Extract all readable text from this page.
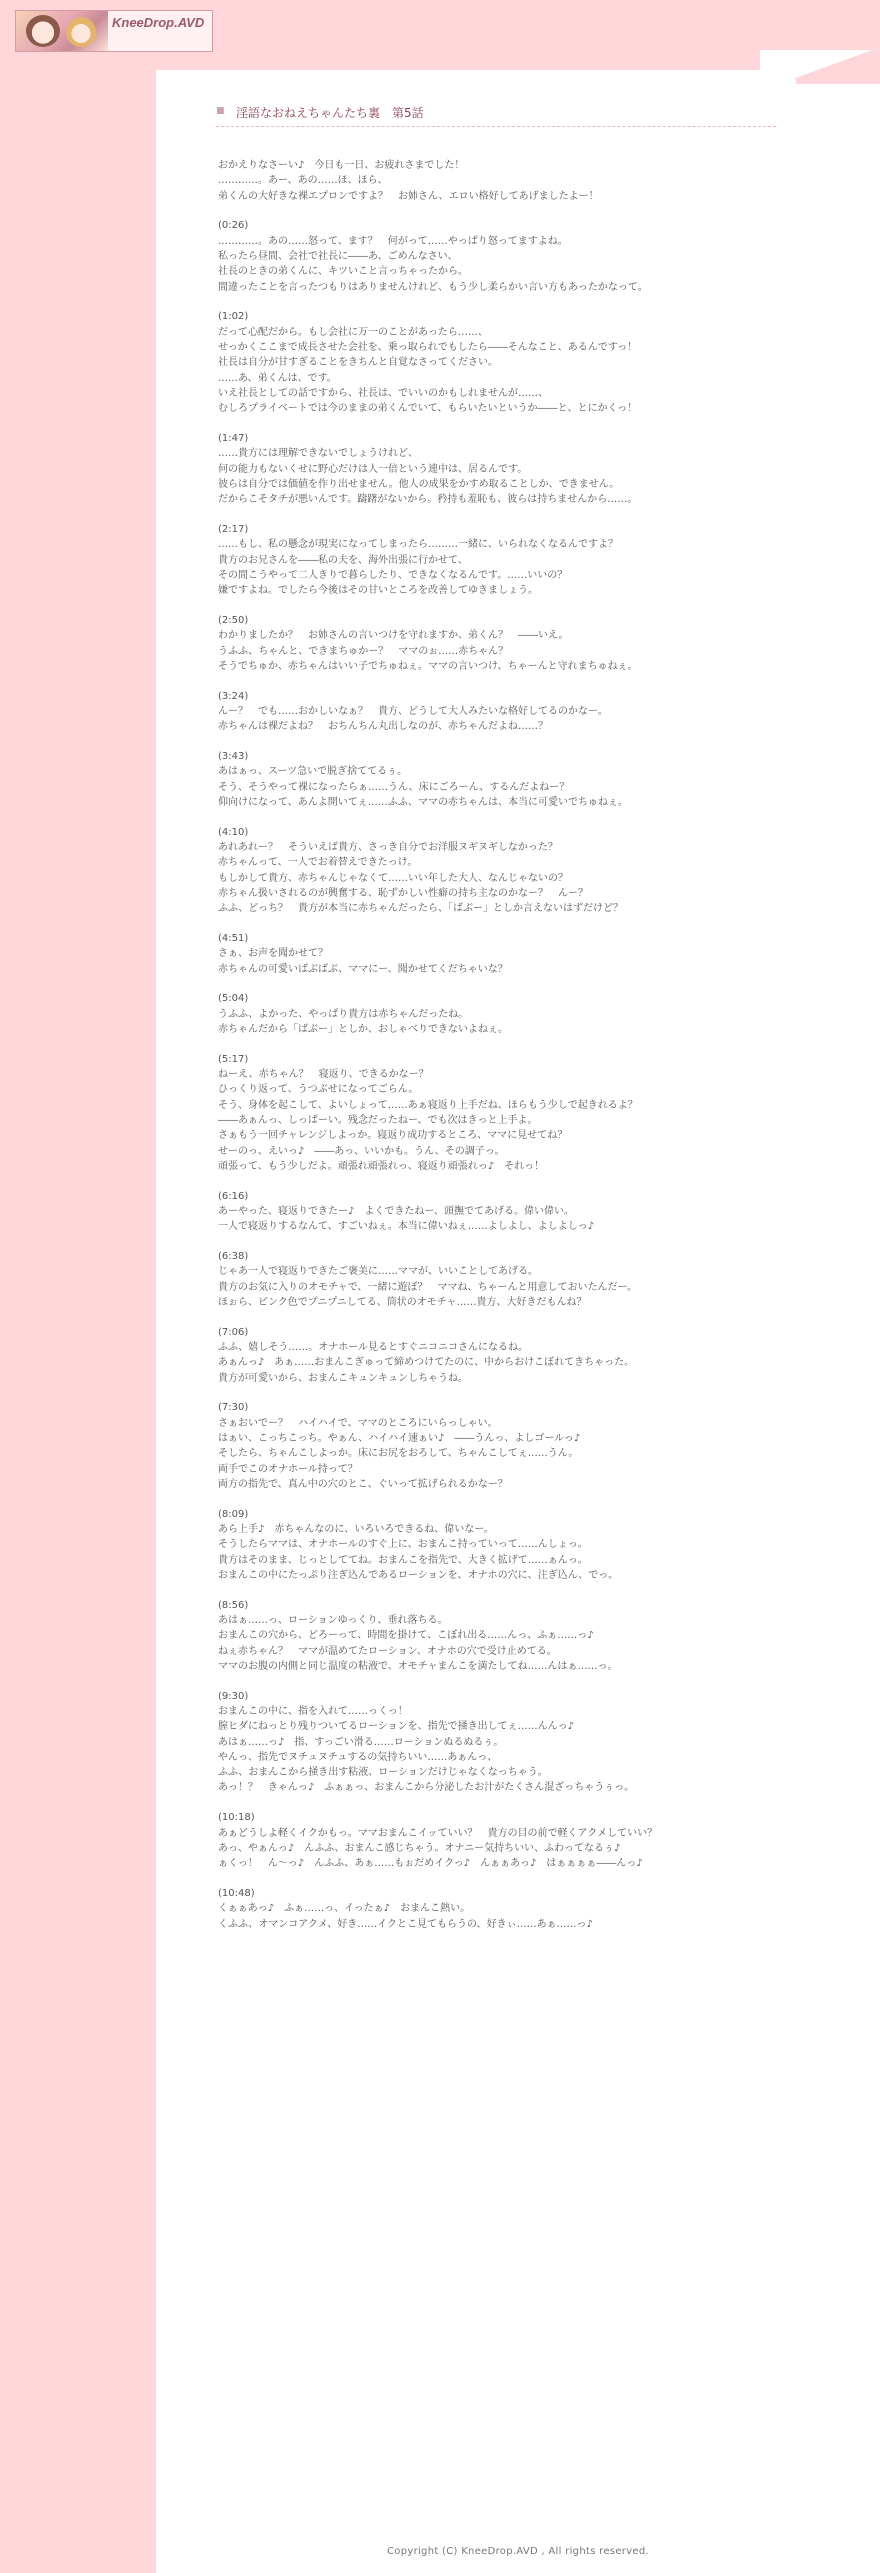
KneeDrop.AVD
■ 淫語なおねえちゃんたち裏　第5話
おかえりなさーい♪　今日も一日、お疲れさまでした！
…………。あー、あの……ほ、ほら、
弟くんの大好きな裸エプロンですよ？　お姉さん、エロい格好してあげましたよー！
(0:26)
…………。あの……怒って、ます？　何がって……やっぱり怒ってますよね。
私ったら昼間、会社で社長に――あ、ごめんなさい、
社長のときの弟くんに、キツいこと言っちゃったから。
間違ったことを言ったつもりはありませんけれど、もう少し柔らかい言い方もあったかなって。
(1:02)
だって心配だから。もし会社に万一のことがあったら……、
せっかくここまで成長させた会社を、乗っ取られでもしたら――そんなこと、あるんですっ！
社長は自分が甘すぎることをきちんと自覚なさってください。
……あ、弟くんは、です。
いえ社長としての話ですから、社長は、でいいのかもしれませんが……、
むしろプライベートでは今のままの弟くんでいて、もらいたいというか――と、とにかくっ！
(1:47)
……貴方には理解できないでしょうけれど、
何の能力もないくせに野心だけは人一倍という連中は、居るんです。
彼らは自分では価値を作り出せません。他人の成果をかすめ取ることしか、できません。
だからこそタチが悪いんです。躊躇がないから。矜持も羞恥も、彼らは持ちませんから……。
(2:17)
……もし、私の懸念が現実になってしまったら………一緒に、いられなくなるんですよ？
貴方のお兄さんを――私の夫を、海外出張に行かせて、
その間こうやって二人きりで暮らしたり、できなくなるんです。……いいの？
嫌ですよね。でしたら今後はその甘いところを改善してゆきましょう。
(2:50)
わかりましたか？　お姉さんの言いつけを守れますか、弟くん？　――いえ。
うふふ、ちゃんと、できまちゅかー？　ママのぉ……赤ちゃん？
そうでちゅか、赤ちゃんはいい子でちゅねぇ。ママの言いつけ、ちゃーんと守れまちゅねぇ。
(3:24)
んー？　でも……おかしいなぁ？　貴方、どうして大人みたいな格好してるのかなー。
赤ちゃんは裸だよね？　おちんちん丸出しなのが、赤ちゃんだよね……？
(3:43)
あはぁっ、スーツ急いで脱ぎ捨ててるぅ。
そう、そうやって裸になったらぁ……うん、床にごろーん、するんだよねー？
仰向けになって、あんよ開いてぇ……ふふ、ママの赤ちゃんは、本当に可愛いでちゅねぇ。
(4:10)
あれあれー？　そういえば貴方、さっき自分でお洋服ヌギヌギしなかった？
赤ちゃんって、一人でお着替えできたっけ。
もしかして貴方、赤ちゃんじゃなくて……いい年した大人、なんじゃないの？
赤ちゃん扱いされるのが興奮する、恥ずかしい性癖の持ち主なのかなー？　んー？
ふふ、どっち？　貴方が本当に赤ちゃんだったら、「ばぶー」としか言えないはずだけど？
(4:51)
さぁ、お声を聞かせて？
赤ちゃんの可愛いばぶばぶ、ママにー、聞かせてくだちゃいな？
(5:04)
うふふ、よかった、やっぱり貴方は赤ちゃんだったね。
赤ちゃんだから「ばぶー」としか、おしゃべりできないよねぇ。
(5:17)
ねーえ、赤ちゃん？　寝返り、できるかなー？
ひっくり返って、うつぶせになってごらん。
そう、身体を起こして、よいしょって……あぁ寝返り上手だね、ほらもう少しで起きれるよ？
――あぁんっ、しっぱーい。残念だったねー、でも次はきっと上手よ。
さぁもう一回チャレンジしよっか。寝返り成功するところ、ママに見せてね？
せーのっ、えいっ♪　――あっ、いいかも。うん、その調子っ。
頑張って、もう少しだよ。頑張れ頑張れっ、寝返り頑張れっ♪　それっ！
(6:16)
あーやった、寝返りできたー♪　よくできたねー、頭撫でてあげる。偉い偉い。
一人で寝返りするなんて、すごいねぇ。本当に偉いねぇ……よしよし、よしよしっ♪
(6:38)
じゃあ一人で寝返りできたご褒美に……ママが、いいことしてあげる。
貴方のお気に入りのオモチャで、一緒に遊ぼ？　ママね、ちゃーんと用意しておいたんだー。
ほぉら、ピンク色でプニプニしてる、筒状のオモチャ……貴方、大好きだもんね？
(7:06)
ふふ、嬉しそう……。オナホール見るとすぐニコニコさんになるね。
あぁんっ♪　あぁ……おまんこぎゅって締めつけてたのに、中からおけこぼれてきちゃった。
貴方が可愛いから、おまんこキュンキュンしちゃうね。
(7:30)
さぁおいでー？　ハイハイで、ママのところにいらっしゃい。
はぁい、こっちこっち。やぁん、ハイハイ速ぁい♪　――うんっ、よしゴールっ♪
そしたら、ちゃんこしよっか。床にお尻をおろして、ちゃんこしてぇ……うん。
両手でこのオナホール持って？
両方の指先で、真ん中の穴のとこ、ぐいって拡げられるかなー？
(8:09)
あら上手♪　赤ちゃんなのに、いろいろできるね、偉いなー。
そうしたらママは、オナホールのすぐ上に、おまんこ持っていって……んしょっ。
貴方はそのまま、じっとしててね。おまんこを指先で、大きく拡げて……ぁんっ。
おまんこの中にたっぷり注ぎ込んであるローションを、オナホの穴に、注ぎ込ん、でっ。
(8:56)
あはぁ……っ、ローションゆっくり、垂れ落ちる。
おまんこの穴から、どろーって、時間を掛けて、こぼれ出る……んっ、ふぁ……っ♪
ねぇ赤ちゃん？　ママが温めてたローション、オナホの穴で受け止めてる。
ママのお腹の内側と同じ温度の粘液で、オモチャまんこを満たしてね……んはぁ……っ。
(9:30)
おまんこの中に、指を入れて……っくっ！
膣ヒダにねっとり残りついてるローションを、指先で掻き出してぇ……んんっ♪
あはぁ……っ♪　指、すっごい滑る……ローションぬるぬるぅ。
やんっ、指先でヌチュヌチュするの気持ちいい……あぁんっ、
ふふ、おまんこから掻き出す粘液、ローションだけじゃなくなっちゃう。
あっ！？　きゃんっ♪　ふぁぁっ、おまんこから分泌したお汁がたくさん混ざっちゃうぅっ。
(10:18)
あぁどうしよ軽くイクかもっ。ママおまんこイッていい？　貴方の目の前で軽くアクメしていい？
あっ、やぁんっ♪　んふふ、おまんこ感じちゃう。オナニー気持ちいい、ふわってなるぅ♪
ぁくっ！　ん〜っ♪　んふふ、あぁ……もぉだめイクっ♪　んぁぁあっ♪　はぁぁぁぁ――んっ♪
(10:48)
くぁぁあっ♪　ふぁ……っ、イったぁ♪　おまんこ熱い。
くふふ、オマンコアクメ、好き……イクとこ見てもらうの、好きぃ……あぁ……っ♪
Copyright (C) KneeDrop.AVD , All rights reserved.
